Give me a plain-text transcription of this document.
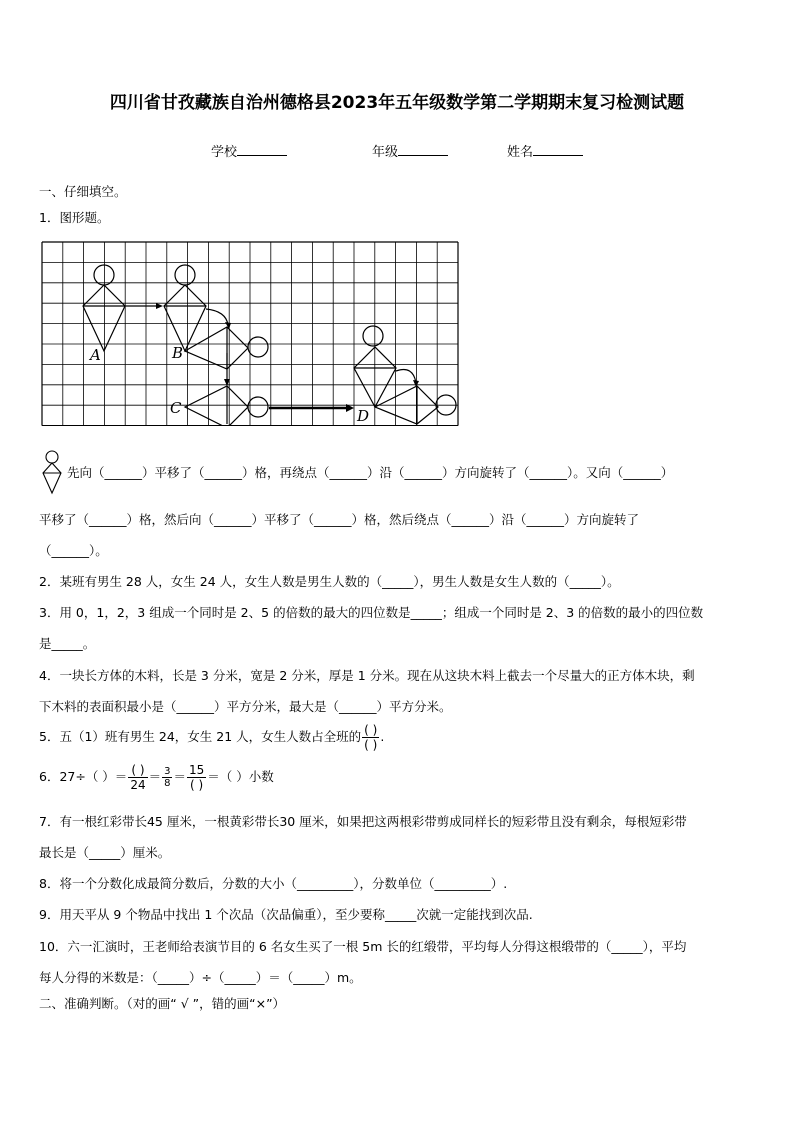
四川省甘孜藏族自治州德格县2023年五年级数学第二学期期末复习检测试题
学校	年级	姓名
一、仔细填空。
1．图形题。
A	B
C	D
先向（______）平移了（______）格，再绕点（______）沿（______）方向旋转了（______）。又向（______）
平移了（______）格，然后向（______）平移了（______）格，然后绕点（______）沿（______）方向旋转了
（______）。
2．某班有男生 28 人，女生 24 人，女生人数是男生人数的（_____），男生人数是女生人数的（_____）。
3．用 0，1，2，3 组成一个同时是 2、5 的倍数的最大的四位数是_____；组成一个同时是 2、3 的倍数的最小的四位数
是_____。
4．一块长方体的木料，长是 3 分米，宽是 2 分米，厚是 1 分米。现在从这块木料上截去一个尽量大的正方体木块，剩
下木料的表面积最小是（______）平方分米，最大是（______）平方分米。
5．五（1）班有男生 24，女生 21 人，女生人数占全班的 $\frac{( )}{( )}$ .
6．27÷（ ）＝ $\frac{( )}{24} = \frac{3}{8} = \frac{15}{( )}$ ＝（ ）小数
7．有一根红彩带长45 厘米，一根黄彩带长30 厘米，如果把这两根彩带剪成同样长的短彩带且没有剩余，每根短彩带
最长是（_____）厘米。
8．将一个分数化成最简分数后，分数的大小（_________），分数单位（_________）.
9．用天平从 9 个物品中找出 1 个次品（次品偏重），至少要称_____次就一定能找到次品.
10．六一汇演时，王老师给表演节目的 6 名女生买了一根 5m 长的红缎带，平均每人分得这根缎带的（_____），平均
每人分得的米数是：（_____）÷（_____）＝（_____）m。
二、准确判断。（对的画“ √ ”，错的画“×”）
